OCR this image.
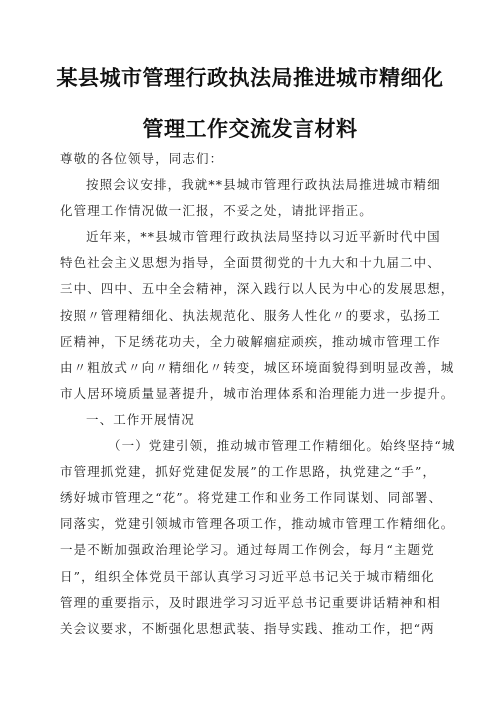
某县城市管理行政执法局推进城市精细化
管理工作交流发言材料
尊敬的各位领导，同志们：
按照会议安排，我就**县城市管理行政执法局推进城市精细
化管理工作情况做一汇报，不妥之处，请批评指正。
近年来，**县城市管理行政执法局坚持以习近平新时代中国
特色社会主义思想为指导，全面贯彻党的十九大和十九届二中、
三中、四中、五中全会精神，深入践行以人民为中心的发展思想，
按照〃管理精细化、执法规范化、服务人性化〃的要求，弘扬工
匠精神，下足绣花功夫，全力破解痼症顽疾，推动城市管理工作
由〃粗放式〃向〃精细化〃转变，城区环境面貌得到明显改善，城
市人居环境质量显著提升，城市治理体系和治理能力进一步提升。
一、工作开展情况
（一）党建引领，推动城市管理工作精细化。始终坚持“城
市管理抓党建，抓好党建促发展”的工作思路，执党建之“手”，
绣好城市管理之“花”。将党建工作和业务工作同谋划、同部署、
同落实，党建引领城市管理各项工作，推动城市管理工作精细化。
一是不断加强政治理论学习。通过每周工作例会，每月“主题党
日”，组织全体党员干部认真学习习近平总书记关于城市精细化
管理的重要指示，及时跟进学习习近平总书记重要讲话精神和相
关会议要求，不断强化思想武装、指导实践、推动工作，把“两
